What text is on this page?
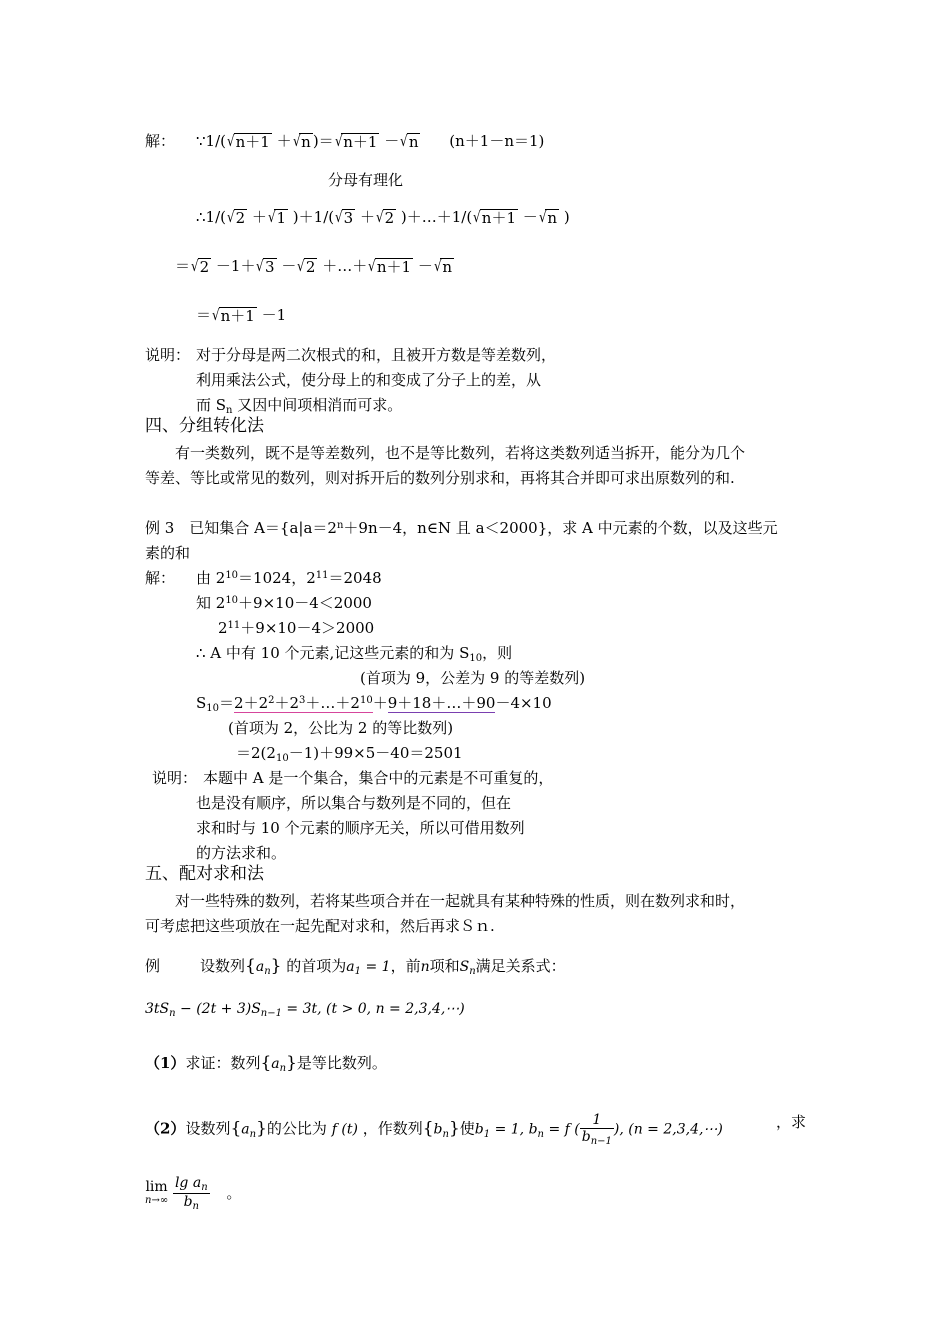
解： ∵1/(√n＋1 ＋√n )＝√n＋1 －√n (n＋1－n＝1)
分母有理化
∴1/(√2 ＋√1 )＋1/(√3 ＋√2 )＋…＋1/(√n＋1 －√n )
＝√2 －1＋√3 －√2 ＋…＋√n＋1 －√n
＝√n＋1 －1
说明： 对于分母是两二次根式的和，且被开方数是等差数列，
利用乘法公式，使分母上的和变成了分子上的差，从
而 $S_n$ 又因中间项相消而可求。
四、分组转化法
有一类数列，既不是等差数列，也不是等比数列，若将这类数列适当拆开，能分为几个
等差、等比或常见的数列，则对拆开后的数列分别求和，再将其合并即可求出原数列的和.
例 3　已知集合 $A=\{a|a=2^n+9n-4$，n∈N 且 a＜2000}，求 A 中元素的个数，以及这些元
素的和
解： 由 $2^{10}=1024$，$2^{11}=2048$
知 $2^{10}+9\times 10-4<2000$
$2^{11}+9\times 10-4>2000$
∴ A 中有 10 个元素,记这些元素的和为 $S_{10}$，则
(首项为 9，公差为 9 的等差数列)
$S_{10}=2+2^2+2^3+\dots+2^{10}+9+18+\dots+90-4\times 10$
(首项为 2，公比为 2 的等比数列)
$=2(2_{10}-1)+99\times 5-40=2501$
说明： 本题中 A 是一个集合，集合中的元素是不可重复的，
也是没有顺序，所以集合与数列是不同的，但在
求和时与 10 个元素的顺序无关，所以可借用数列
的方法求和。
五、配对求和法
对一些特殊的数列，若将某些项合并在一起就具有某种特殊的性质，则在数列求和时，
可考虑把这些项放在一起先配对求和，然后再求Ｓｎ.
例	设数列$\{a_n\}$ 的首项为$a_1 = 1$，前n项和$S_n$满足关系式：
$3tS_n - (2t + 3)S_{n-1} = 3t$, (t > 0, n = 2,3,4,⋯)
（1）求证：数列$\{a_n\}$是等比数列。
（2）设数列$\{a_n\}$的公比为 f (t) ，作数列$\{b_n\}$使$b_1 = 1$, $b_n = f$ ( $\frac{1}{b_{n-1}}$ ), (n = 2,3,4,⋯)	，求
lim
n→∞
$\frac{\lg a_n}{b_n}$ 。
